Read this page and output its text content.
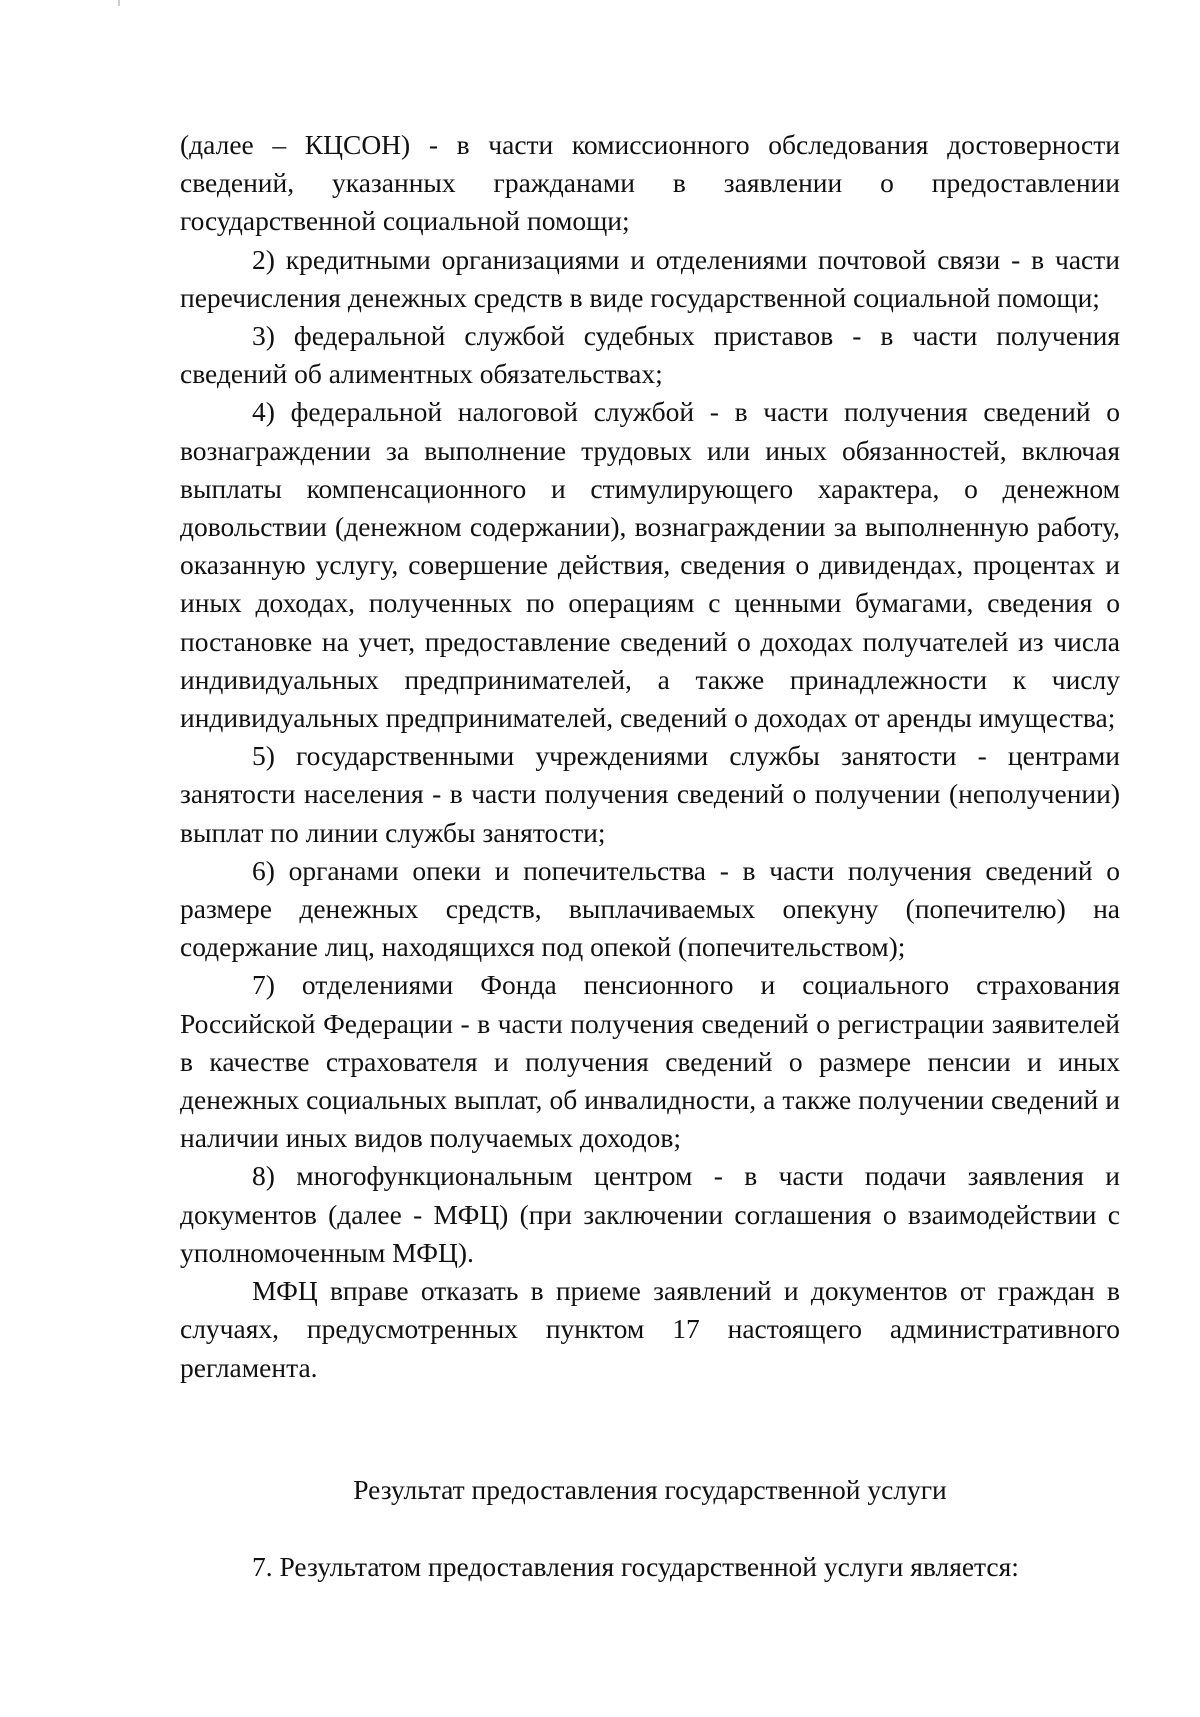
(далее – КЦСОН) - в части комиссионного обследования достоверности сведений, указанных гражданами в заявлении о предоставлении государственной социальной помощи;

2) кредитными организациями и отделениями почтовой связи - в части перечисления денежных средств в виде государственной социальной помощи;

3) федеральной службой судебных приставов - в части получения сведений об алиментных обязательствах;

4) федеральной налоговой службой - в части получения сведений о вознаграждении за выполнение трудовых или иных обязанностей, включая выплаты компенсационного и стимулирующего характера, о денежном довольствии (денежном содержании), вознаграждении за выполненную работу, оказанную услугу, совершение действия, сведения о дивидендах, процентах и иных доходах, полученных по операциям с ценными бумагами, сведения о постановке на учет, предоставление сведений о доходах получателей из числа индивидуальных предпринимателей, а также принадлежности к числу индивидуальных предпринимателей, сведений о доходах от аренды имущества;

5) государственными учреждениями службы занятости - центрами занятости населения - в части получения сведений о получении (неполучении) выплат по линии службы занятости;

6) органами опеки и попечительства - в части получения сведений о размере денежных средств, выплачиваемых опекуну (попечителю) на содержание лиц, находящихся под опекой (попечительством);

7) отделениями Фонда пенсионного и социального страхования Российской Федерации - в части получения сведений о регистрации заявителей в качестве страхователя и получения сведений о размере пенсии и иных денежных социальных выплат, об инвалидности, а также получении сведений и наличии иных видов получаемых доходов;

8) многофункциональным центром - в части подачи заявления и документов (далее - МФЦ) (при заключении соглашения о взаимодействии с уполномоченным МФЦ).

МФЦ вправе отказать в приеме заявлений и документов от граждан в случаях, предусмотренных пунктом 17 настоящего административного регламента.

Результат предоставления государственной услуги

7. Результатом предоставления государственной услуги является:
